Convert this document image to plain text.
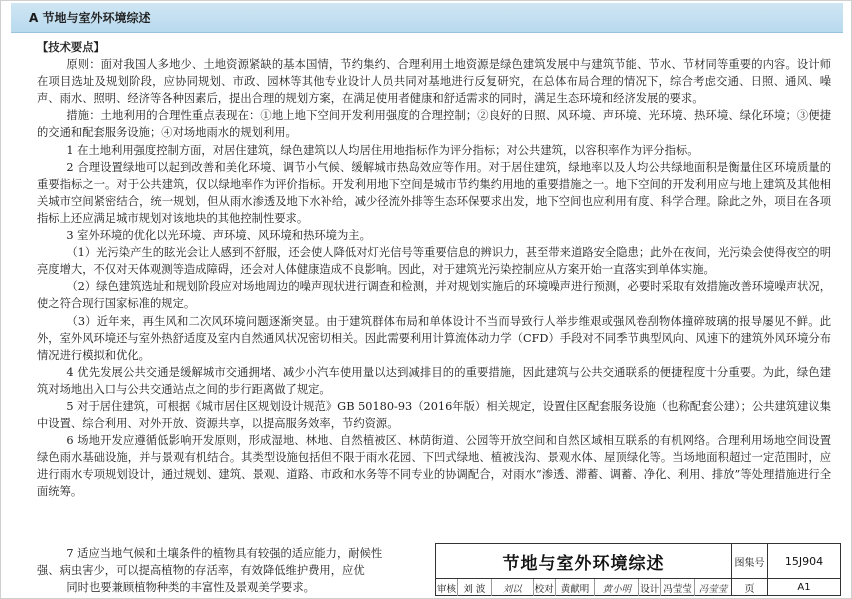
A 节地与室外环境综述

【技术要点】

原则：面对我国人多地少、土地资源紧缺的基本国情，节约集约、合理利用土地资源是绿色建筑发展中与建筑节能、节水、节材同等重要的内容。设计师在项目选址及规划阶段，应协同规划、市政、园林等其他专业设计人员共同对基地进行反复研究，在总体布局合理的情况下，综合考虑交通、日照、通风、噪声、雨水、照明、经济等各种因素后，提出合理的规划方案，在满足使用者健康和舒适需求的同时，满足生态环境和经济发展的要求。

措施：土地利用的合理性重点表现在：①地上地下空间开发利用强度的合理控制；②良好的日照、风环境、声环境、光环境、热环境、绿化环境；③便捷的交通和配套服务设施；④对场地雨水的规划利用。

1 在土地利用强度控制方面，对居住建筑，绿色建筑以人均居住用地指标作为评分指标；对公共建筑，以容积率作为评分指标。

2 合理设置绿地可以起到改善和美化环境、调节小气候、缓解城市热岛效应等作用。对于居住建筑，绿地率以及人均公共绿地面积是衡量住区环境质量的重要指标之一。对于公共建筑，仅以绿地率作为评价指标。开发利用地下空间是城市节约集约用地的重要措施之一。地下空间的开发利用应与地上建筑及其他相关城市空间紧密结合，统一规划，但从雨水渗透及地下水补给，减少径流外排等生态环保要求出发，地下空间也应利用有度、科学合理。除此之外，项目在各项指标上还应满足城市规划对该地块的其他控制性要求。

3 室外环境的优化以光环境、声环境、风环境和热环境为主。

（1）光污染产生的眩光会让人感到不舒服，还会使人降低对灯光信号等重要信息的辨识力，甚至带来道路安全隐患；此外在夜间，光污染会使得夜空的明亮度增大，不仅对天体观测等造成障碍，还会对人体健康造成不良影响。因此，对于建筑光污染控制应从方案开始一直落实到单体实施。

（2）绿色建筑选址和规划阶段应对场地周边的噪声现状进行调查和检测，并对规划实施后的环境噪声进行预测，必要时采取有效措施改善环境噪声状况，使之符合现行国家标准的规定。

（3）近年来，再生风和二次风环境问题逐渐突显。由于建筑群体布局和单体设计不当而导致行人举步维艰或强风卷刮物体撞碎玻璃的报导屡见不鲜。此外，室外风环境还与室外热舒适度及室内自然通风状况密切相关。因此需要利用计算流体动力学（CFD）手段对不同季节典型风向、风速下的建筑外风环境分布情况进行模拟和优化。

4 优先发展公共交通是缓解城市交通拥堵、减少小汽车使用量以达到减排目的的重要措施，因此建筑与公共交通联系的便捷程度十分重要。为此，绿色建筑对场地出入口与公共交通站点之间的步行距离做了规定。

5 对于居住建筑，可根据《城市居住区规划设计规范》GB 50180-93（2016年版）相关规定，设置住区配套服务设施（也称配套公建）；公共建筑建议集中设置、综合利用、对外开放、资源共享，以提高服务效率，节约资源。

6 场地开发应遵循低影响开发原则，形成湿地、林地、自然植被区、林荫街道、公园等开放空间和自然区域相互联系的有机网络。合理利用场地空间设置绿色雨水基础设施，并与景观有机结合。其类型设施包括但不限于雨水花园、下凹式绿地、植被浅沟、景观水体、屋顶绿化等。当场地面积超过一定范围时，应进行雨水专项规划设计，通过规划、建筑、景观、道路、市政和水务等不同专业的协调配合，对雨水“渗透、滞蓄、调蓄、净化、利用、排放”等处理措施进行全面统筹。

7 适应当地气候和土壤条件的植物具有较强的适应能力，耐候性
强、病虫害少，可以提高植物的存活率，有效降低维护费用，应优
同时也要兼顾植物种类的丰富性及景观美学要求。
节地与室外环境综述	图集号	15J904
页	A1
审核 刘 波	刘以	校对 黄献明	黄小明 设计 冯莹莹 冯莹莹
